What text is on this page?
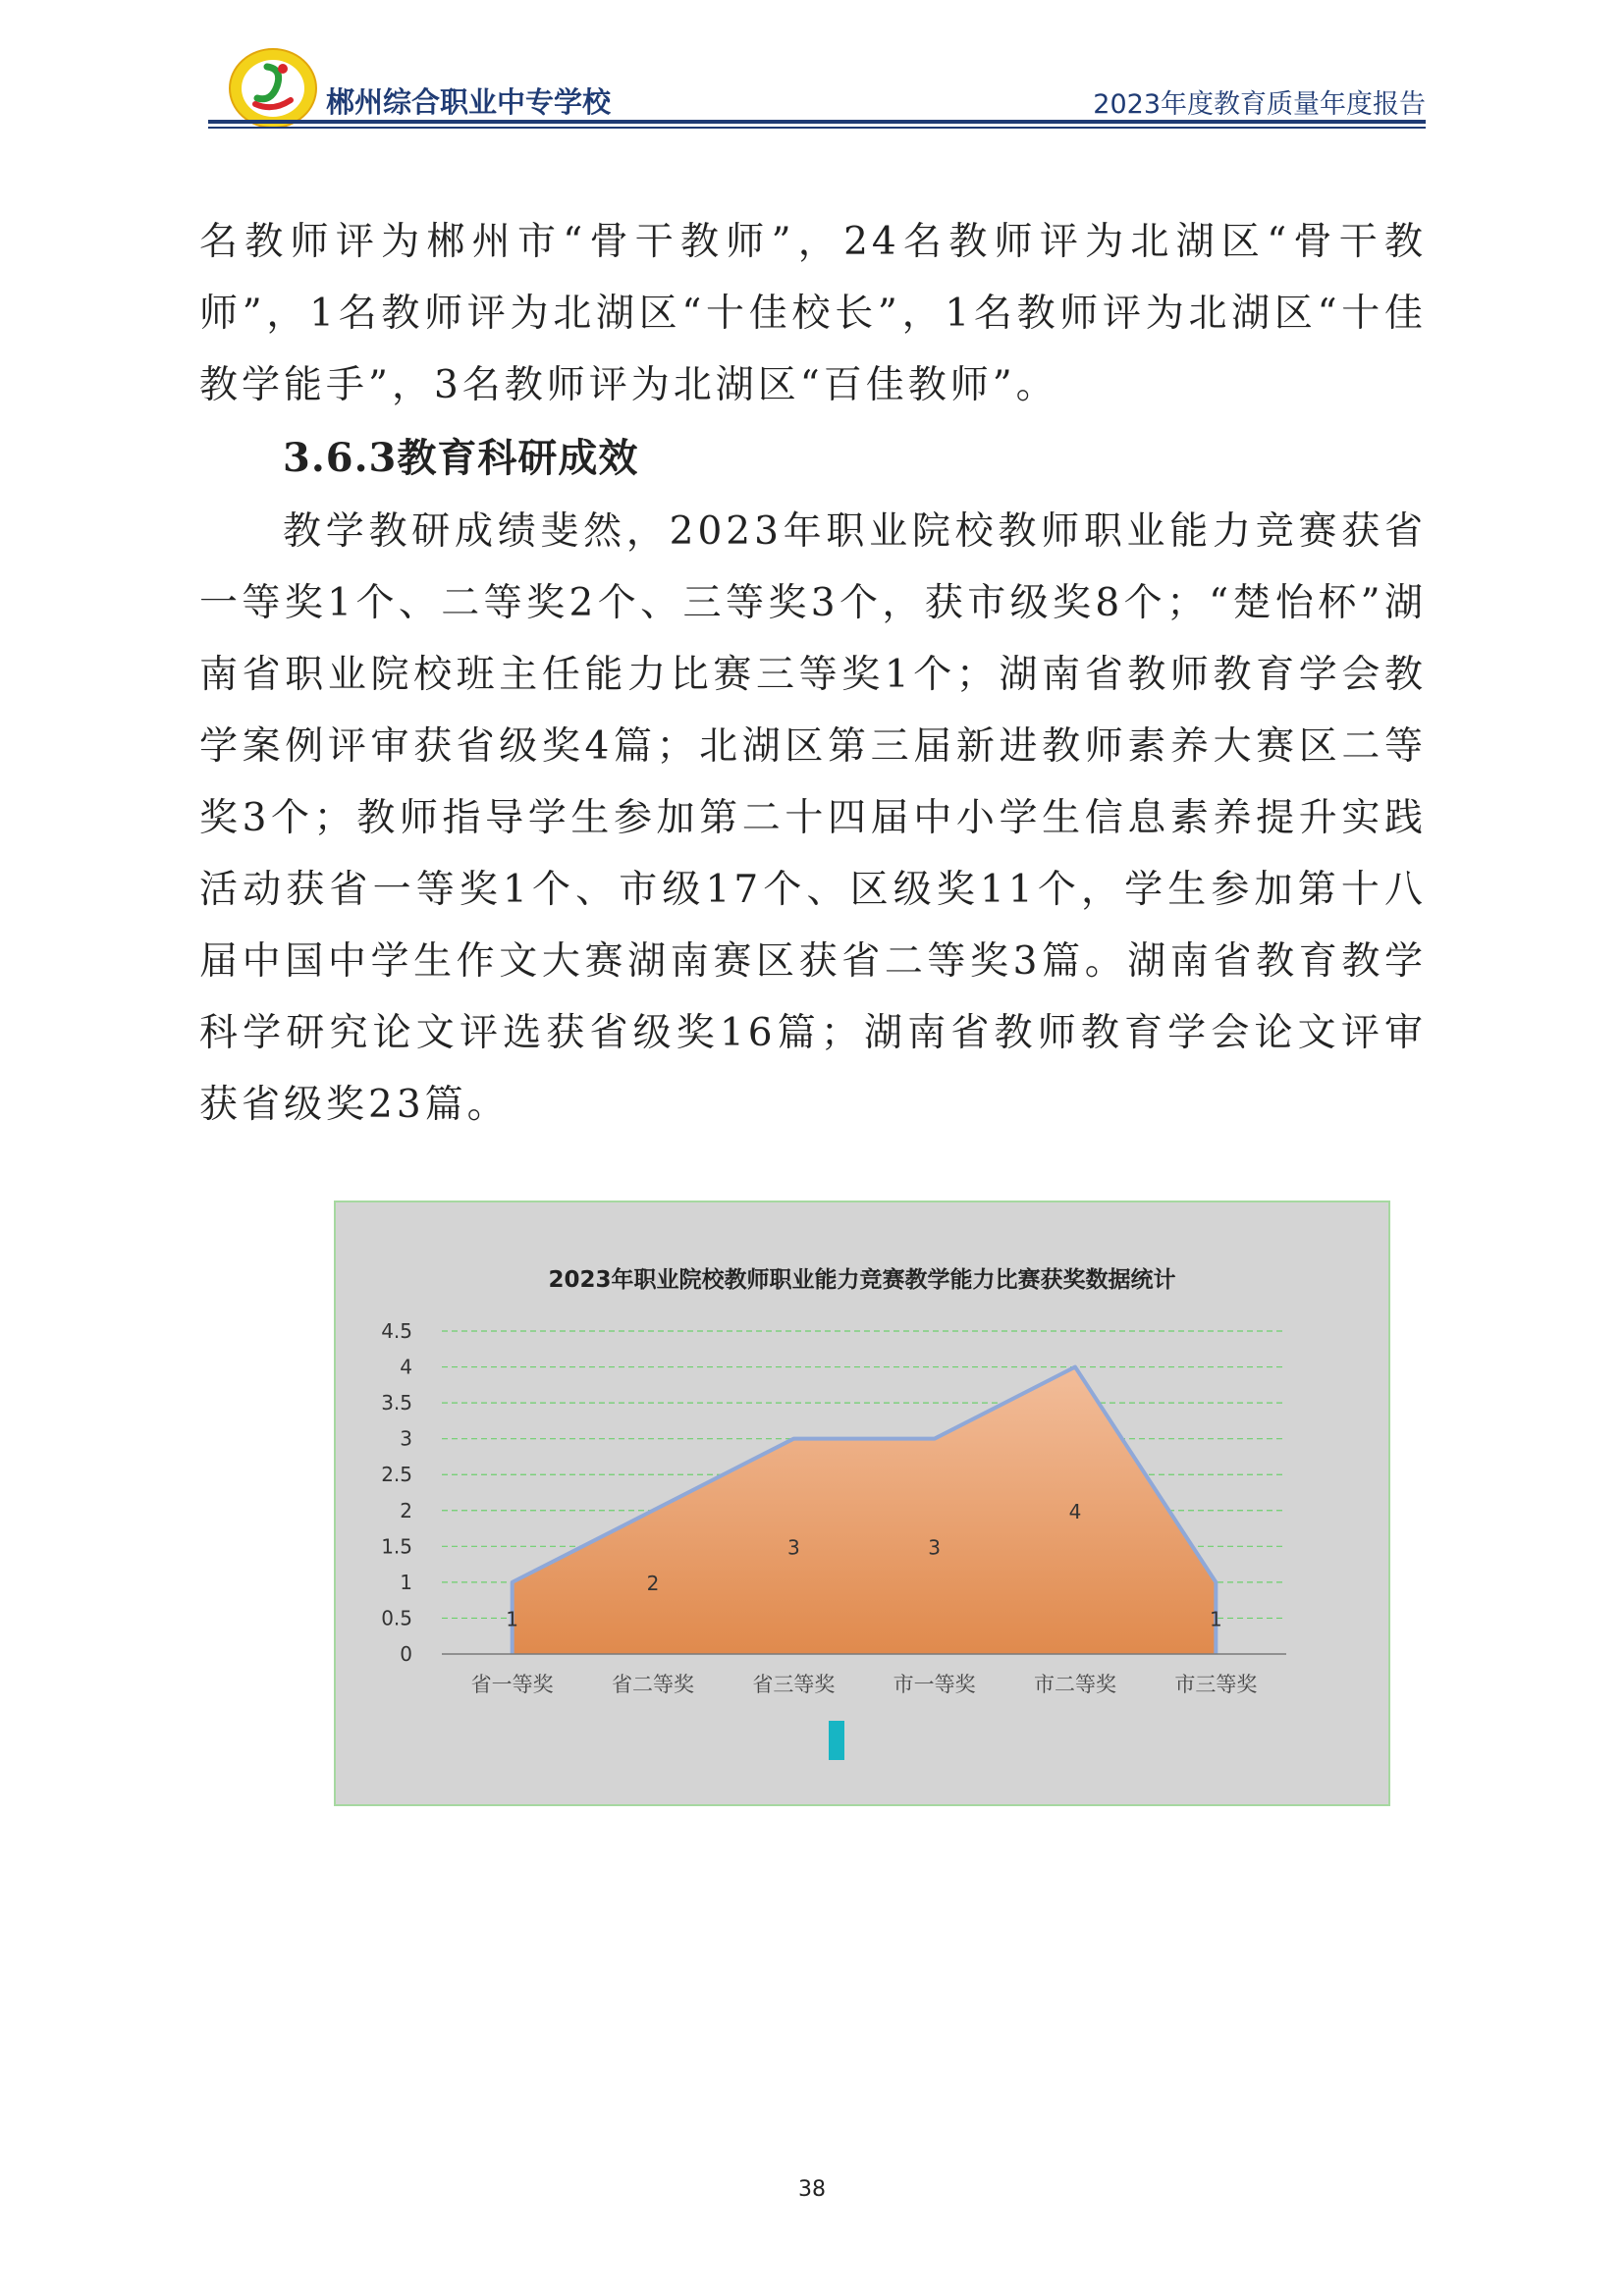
郴州综合职业中专学校	2023年度教育质量年度报告

名教师评为郴州市“骨干教师”，24名教师评为北湖区“骨干教师”，1名教师评为北湖区“十佳校长”，1名教师评为北湖区“十佳教学能手”，3名教师评为北湖区“百佳教师”。

3.6.3教育科研成效

教学教研成绩斐然，2023年职业院校教师职业能力竞赛获省一等奖1个、二等奖2个、三等奖3个，获市级奖8个；“楚怡杯”湖南省职业院校班主任能力比赛三等奖1个；湖南省教师教育学会教学案例评审获省级奖4篇；北湖区第三届新进教师素养大赛区二等奖3个；教师指导学生参加第二十四届中小学生信息素养提升实践活动获省一等奖1个、市级17个、区级奖11个，学生参加第十八届中国中学生作文大赛湖南赛区获省二等奖3篇。湖南省教育教学科学研究论文评选获省级奖16篇；湖南省教师教育学会论文评审获省级奖23篇。

2023年职业院校教师职业能力竞赛教学能力比赛获奖数据统计
1
2
3	3
4
1
0
0.5
1
1.5
2
2.5
3
3.5
4
4.5
省一等奖	省二等奖	省三等奖	市一等奖	市二等奖	市三等奖
38
